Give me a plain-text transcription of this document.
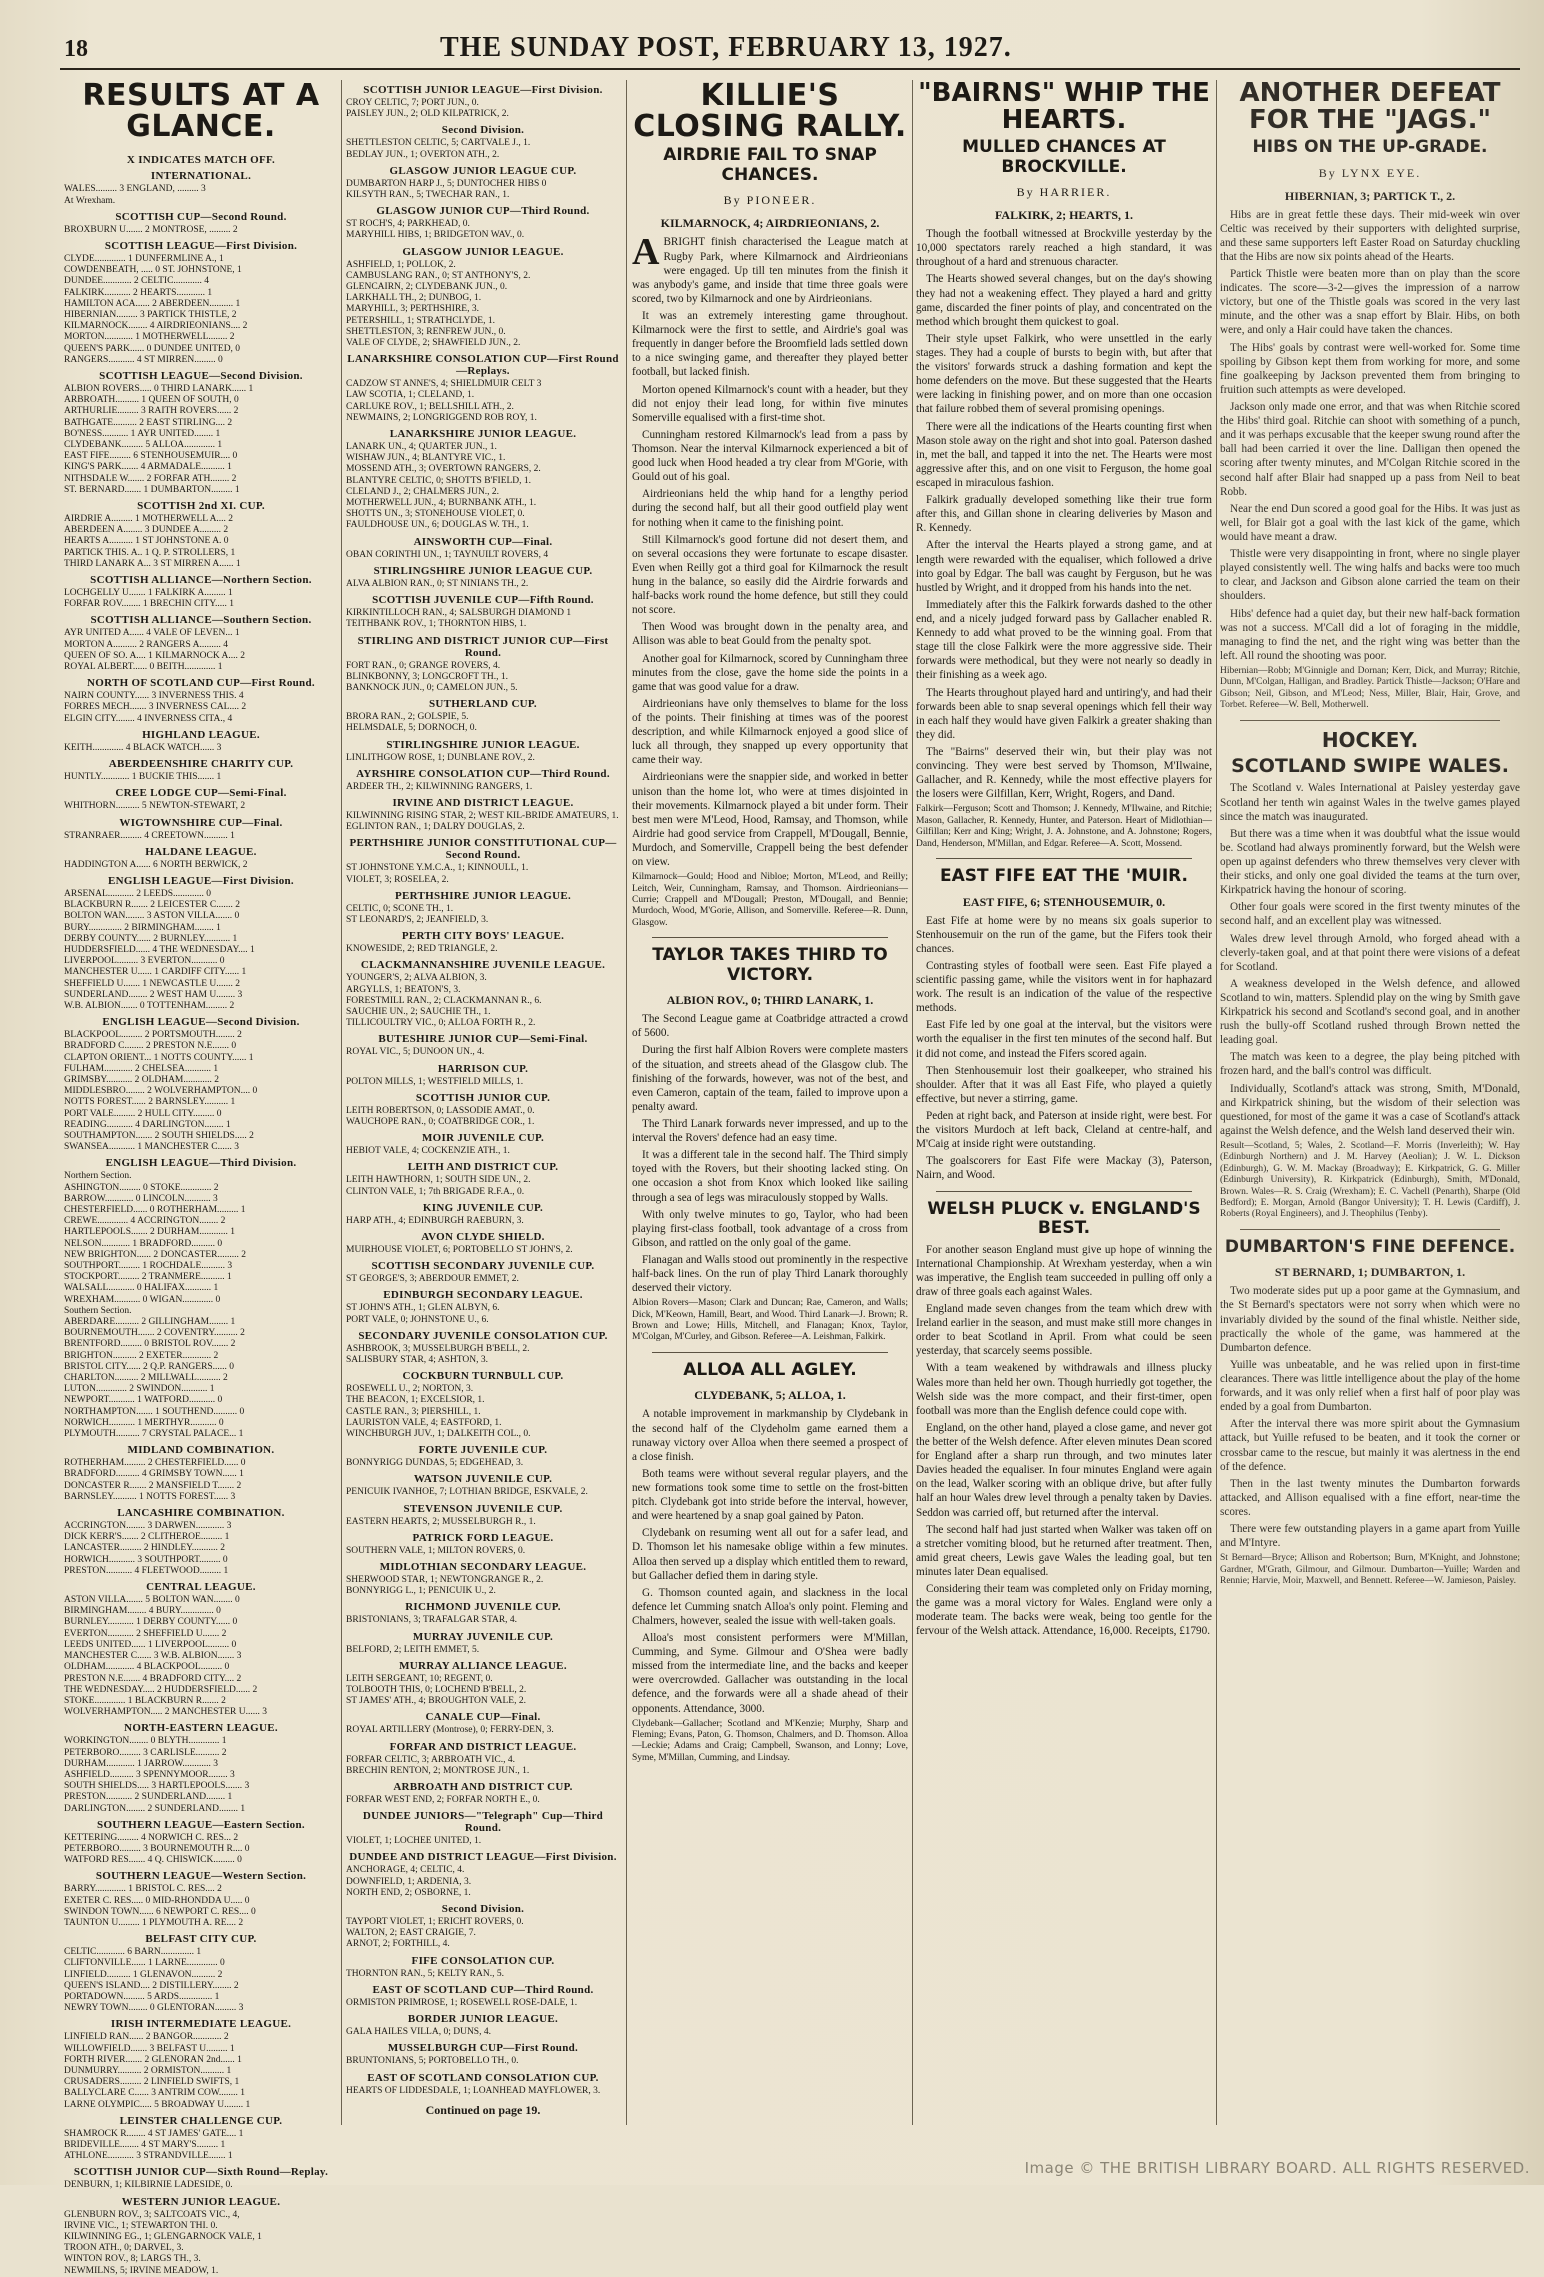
18	THE SUNDAY POST, FEBRUARY 13, 1927.
RESULTS AT A GLANCE.
X INDICATES MATCH OFF.
INTERNATIONAL.
WALES......... 3 ENGLAND, ......... 3
At Wrexham.
SCOTTISH CUP—Second Round.
BROXBURN U....... 2 MONTROSE, ......... 2
SCOTTISH LEAGUE—First Division.
CLYDE............. 1 DUNFERMLINE A., 1
COWDENBEATH, ..... 0 ST. JOHNSTONE, 1
DUNDEE............ 2 CELTIC............ 4
FALKIRK........... 2 HEARTS............ 1
HAMILTON ACA...... 2 ABERDEEN.......... 1
HIBERNIAN......... 3 PARTICK THISTLE, 2
KILMARNOCK........ 4 AIRDRIEONIANS.... 2
MORTON............ 1 MOTHERWELL........ 2
QUEEN'S PARK...... 0 DUNDEE UNITED, 0
RANGERS........... 4 ST MIRREN......... 0
SCOTTISH LEAGUE—Second Division.
ALBION ROVERS..... 0 THIRD LANARK...... 1
ARBROATH.......... 1 QUEEN OF SOUTH, 0
ARTHURLIE......... 3 RAITH ROVERS...... 2
BATHGATE.......... 2 EAST STIRLING.... 2
BO'NESS........... 1 AYR UNITED........ 1
CLYDEBANK......... 5 ALLOA............. 1
EAST FIFE......... 6 STENHOUSEMUIR.... 0
KING'S PARK....... 4 ARMADALE.......... 1
NITHSDALE W....... 2 FORFAR ATH........ 2
ST. BERNARD....... 1 DUMBARTON......... 1
SCOTTISH 2nd XI. CUP.
AIRDRIE A......... 1 MOTHERWELL A.... 2
ABERDEEN A........ 3 DUNDEE A......... 2
HEARTS A.......... 1 ST JOHNSTONE A. 0
PARTICK THIS. A.. 1 Q. P. STROLLERS, 1
THIRD LANARK A... 3 ST MIRREN A...... 1
SCOTTISH ALLIANCE—Northern Section.
LOCHGELLY U....... 1 FALKIRK A......... 1
FORFAR ROV........ 1 BRECHIN CITY..... 1
SCOTTISH ALLIANCE—Southern Section.
AYR UNITED A...... 4 VALE OF LEVEN... 1
MORTON A.......... 2 RANGERS A......... 4
QUEEN OF SO. A.... 1 KILMARNOCK A.... 2
ROYAL ALBERT...... 0 BEITH............. 1
NORTH OF SCOTLAND CUP—First Round.
NAIRN COUNTY...... 3 INVERNESS THIS. 4
FORRES MECH....... 3 INVERNESS CAL.... 2
ELGIN CITY........ 4 INVERNESS CITA., 4
HIGHLAND LEAGUE.
KEITH............. 4 BLACK WATCH...... 3
ABERDEENSHIRE CHARITY CUP.
HUNTLY............ 1 BUCKIE THIS....... 1
CREE LODGE CUP—Semi-Final.
WHITHORN.......... 5 NEWTON-STEWART, 2
WIGTOWNSHIRE CUP—Final.
STRANRAER......... 4 CREETOWN.......... 1
HALDANE LEAGUE.
HADDINGTON A...... 6 NORTH BERWICK, 2
ENGLISH LEAGUE—First Division.
ARSENAL........... 2 LEEDS............. 0
BLACKBURN R....... 2 LEICESTER C....... 2
BOLTON WAN........ 3 ASTON VILLA....... 0
BURY.............. 2 BIRMINGHAM........ 1
DERBY COUNTY...... 2 BURNLEY........... 1
HUDDERSFIELD...... 4 THE WEDNESDAY.... 1
LIVERPOOL......... 3 EVERTON........... 0
MANCHESTER U...... 1 CARDIFF CITY...... 1
SHEFFIELD U....... 1 NEWCASTLE U....... 2
SUNDERLAND........ 2 WEST HAM U........ 3
W.B. ALBION....... 0 TOTTENHAM......... 2
ENGLISH LEAGUE—Second Division.
BLACKPOOL......... 2 PORTSMOUTH........ 2
BRADFORD C........ 2 PRESTON N.E....... 0
CLAPTON ORIENT... 1 NOTTS COUNTY...... 1
FULHAM............ 2 CHELSEA........... 1
GRIMSBY........... 2 OLDHAM............ 2
MIDDLESBRO........ 2 WOLVERHAMPTON.... 0
NOTTS FOREST...... 2 BARNSLEY.......... 1
PORT VALE......... 2 HULL CITY......... 0
READING........... 4 DARLINGTON........ 1
SOUTHAMPTON....... 2 SOUTH SHIELDS..... 2
SWANSEA........... 1 MANCHESTER C...... 3
ENGLISH LEAGUE—Third Division.
Northern Section.
ASHINGTON......... 0 STOKE............. 2
BARROW............ 0 LINCOLN........... 3
CHESTERFIELD...... 0 ROTHERHAM......... 1
CREWE............. 4 ACCRINGTON........ 2
HARTLEPOOLS....... 2 DURHAM............ 1
NELSON............ 1 BRADFORD.......... 0
NEW BRIGHTON...... 2 DONCASTER......... 2
SOUTHPORT......... 1 ROCHDALE.......... 3
STOCKPORT......... 2 TRANMERE.......... 1
WALSALL........... 0 HALIFAX........... 1
WREXHAM........... 0 WIGAN............. 0
Southern Section.
ABERDARE.......... 2 GILLINGHAM........ 1
BOURNEMOUTH....... 2 COVENTRY.......... 2
BRENTFORD......... 0 BRISTOL ROV....... 2
BRIGHTON.......... 2 EXETER............ 2
BRISTOL CITY...... 2 Q.P. RANGERS...... 0
CHARLTON.......... 2 MILLWALL.......... 2
LUTON............. 2 SWINDON........... 1
NEWPORT........... 1 WATFORD........... 0
NORTHAMPTON....... 1 SOUTHEND.......... 0
NORWICH........... 1 MERTHYR........... 0
PLYMOUTH.......... 7 CRYSTAL PALACE... 1
MIDLAND COMBINATION.
ROTHERHAM......... 2 CHESTERFIELD...... 0
BRADFORD.......... 4 GRIMSBY TOWN...... 1
DONCASTER R....... 2 MANSFIELD T....... 2
BARNSLEY.......... 1 NOTTS FOREST...... 3
LANCASHIRE COMBINATION.
ACCRINGTON........ 3 DARWEN............ 3
DICK KERR'S....... 2 CLITHEROE......... 1
LANCASTER......... 2 HINDLEY........... 2
HORWICH........... 3 SOUTHPORT......... 0
PRESTON........... 4 FLEETWOOD......... 1
CENTRAL LEAGUE.
ASTON VILLA....... 5 BOLTON WAN........ 0
BIRMINGHAM........ 4 BURY.............. 0
BURNLEY........... 1 DERBY COUNTY...... 0
EVERTON........... 2 SHEFFIELD U....... 2
LEEDS UNITED...... 1 LIVERPOOL......... 0
MANCHESTER C...... 3 W.B. ALBION....... 3
OLDHAM............ 4 BLACKPOOL......... 0
PRESTON N.E....... 4 BRADFORD CITY.... 2
THE WEDNESDAY..... 2 HUDDERSFIELD...... 2
STOKE............. 1 BLACKBURN R....... 2
WOLVERHAMPTON..... 2 MANCHESTER U...... 3
NORTH-EASTERN LEAGUE.
WORKINGTON........ 0 BLYTH............. 1
PETERBORO......... 3 CARLISLE.......... 2
DURHAM............ 1 JARROW............ 3
ASHFIELD.......... 3 SPENNYMOOR........ 3
SOUTH SHIELDS..... 3 HARTLEPOOLS....... 3
PRESTON........... 2 SUNDERLAND........ 1
DARLINGTON........ 2 SUNDERLAND........ 1
SOUTHERN LEAGUE—Eastern Section.
KETTERING......... 4 NORWICH C. RES... 2
PETERBORO......... 3 BOURNEMOUTH R.... 0
WATFORD RES....... 4 Q. CHISWICK......... 0
SOUTHERN LEAGUE—Western Section.
BARRY............. 1 BRISTOL C. RES.... 2
EXETER C. RES..... 0 MID-RHONDDA U..... 0
SWINDON TOWN...... 6 NEWPORT C. RES.... 0
TAUNTON U......... 1 PLYMOUTH A. RE.... 2
BELFAST CITY CUP.
CELTIC............ 6 BARN.............. 1
CLIFTONVILLE...... 1 LARNE............. 0
LINFIELD.......... 1 GLENAVON.......... 2
QUEEN'S ISLAND.... 2 DISTILLERY........ 2
PORTADOWN......... 5 ARDS.............. 1
NEWRY TOWN........ 0 GLENTORAN......... 3
IRISH INTERMEDIATE LEAGUE.
LINFIELD RAN...... 2 BANGOR............ 2
WILLOWFIELD....... 3 BELFAST U......... 1
FORTH RIVER....... 2 GLENORAN 2nd...... 1
DUNMURRY.......... 2 ORMISTON.......... 1
CRUSADERS......... 2 LINFIELD SWIFTS, 1
BALLYCLARE C...... 3 ANTRIM COW........ 1
LARNE OLYMPIC..... 5 BROADWAY U........ 1
LEINSTER CHALLENGE CUP.
SHAMROCK R........ 4 ST JAMES' GATE.... 1
BRIDEVILLE........ 4 ST MARY'S......... 1
ATHLONE........... 3 STRANDVILLE....... 1
SCOTTISH JUNIOR CUP—Sixth Round—Replay.
DENBURN, 1; KILBIRNIE LADESIDE, 0.
WESTERN JUNIOR LEAGUE.
GLENBURN ROV., 3; SALTCOATS VIC., 4,
IRVINE VIC., 1; STEWARTON THI. 0.
KILWINNING EG., 1; GLENGARNOCK VALE, 1
TROON ATH., 0; DARVEL, 3.
WINTON ROV., 8; LARGS TH., 3.
NEWMILNS, 5; IRVINE MEADOW, 1.
SCOTTISH JUNIOR LEAGUE—First Division.
CROY CELTIC, 7; PORT JUN., 0.
PAISLEY JUN., 2; OLD KILPATRICK, 2.
Second Division.
SHETTLESTON CELTIC, 5; CARTVALE J., 1.
BEDLAY JUN., 1; OVERTON ATH., 2.
GLASGOW JUNIOR LEAGUE CUP.
DUMBARTON HARP J., 5; DUNTOCHER HIBS 0
KILSYTH RAN., 5; TWECHAR RAN., 1.
GLASGOW JUNIOR CUP—Third Round.
ST ROCH'S, 4; PARKHEAD, 0.
MARYHILL HIBS, 1; BRIDGETON WAV., 0.
GLASGOW JUNIOR LEAGUE.
ASHFIELD, 1; POLLOK, 2.
CAMBUSLANG RAN., 0; ST ANTHONY'S, 2.
GLENCAIRN, 2; CLYDEBANK JUN., 0.
LARKHALL TH., 2; DUNBOG, 1.
MARYHILL, 3; PERTHSHIRE, 3.
PETERSHILL, 1; STRATHCLYDE, 1.
SHETTLESTON, 3; RENFREW JUN., 0.
VALE OF CLYDE, 2; SHAWFIELD JUN., 2.
LANARKSHIRE CONSOLATION CUP—First Round—Replays.
CADZOW ST ANNE'S, 4; SHIELDMUIR CELT 3
LAW SCOTIA, 1; CLELAND, 1.
CARLUKE ROV., 1; BELLSHILL ATH., 2.
NEWMAINS, 2; LONGRIGGEND ROB ROY, 1.
LANARKSHIRE JUNIOR LEAGUE.
LANARK UN., 4; QUARTER JUN., 1.
WISHAW JUN., 4; BLANTYRE VIC., 1.
MOSSEND ATH., 3; OVERTOWN RANGERS, 2.
BLANTYRE CELTIC, 0; SHOTTS B'FIELD, 1.
CLELAND J., 2; CHALMERS JUN., 2.
MOTHERWELL JUN., 4; BURNBANK ATH., 1.
SHOTTS UN., 3; STONEHOUSE VIOLET, 0.
FAULDHOUSE UN., 6; DOUGLAS W. TH., 1.
AINSWORTH CUP—Final.
OBAN CORINTHI UN., 1; TAYNUILT ROVERS, 4
STIRLINGSHIRE JUNIOR LEAGUE CUP.
ALVA ALBION RAN., 0; ST NINIANS TH., 2.
SCOTTISH JUVENILE CUP—Fifth Round.
KIRKINTILLOCH RAN., 4; SALSBURGH DIAMOND 1
TEITHBANK ROV., 1; THORNTON HIBS, 1.
STIRLING AND DISTRICT JUNIOR CUP—First Round.
FORT RAN., 0; GRANGE ROVERS, 4.
BLINKBONNY, 3; LONGCROFT TH., 1.
BANKNOCK JUN., 0; CAMELON JUN., 5.
SUTHERLAND CUP.
BRORA RAN., 2; GOLSPIE, 5.
HELMSDALE, 5; DORNOCH, 0.
STIRLINGSHIRE JUNIOR LEAGUE.
LINLITHGOW ROSE, 1; DUNBLANE ROV., 2.
AYRSHIRE CONSOLATION CUP—Third Round.
ARDEER TH., 2; KILWINNING RANGERS, 1.
IRVINE AND DISTRICT LEAGUE.
KILWINNING RISING STAR, 2; WEST KIL-BRIDE AMATEURS, 1.
EGLINTON RAN., 1; DALRY DOUGLAS, 2.
PERTHSHIRE JUNIOR CONSTITUTIONAL CUP—Second Round.
ST JOHNSTONE Y.M.C.A., 1; KINNOULL, 1.
VIOLET, 3; ROSELEA, 2.
PERTHSHIRE JUNIOR LEAGUE.
CELTIC, 0; SCONE TH., 1.
ST LEONARD'S, 2; JEANFIELD, 3.
PERTH CITY BOYS' LEAGUE.
KNOWESIDE, 2; RED TRIANGLE, 2.
CLACKMANNANSHIRE JUVENILE LEAGUE.
YOUNGER'S, 2; ALVA ALBION, 3.
ARGYLLS, 1; BEATON'S, 3.
FORESTMILL RAN., 2; CLACKMANNAN R., 6.
SAUCHIE UN., 2; SAUCHIE TH., 1.
TILLICOULTRY VIC., 0; ALLOA FORTH R., 2.
BUTESHIRE JUNIOR CUP—Semi-Final.
ROYAL VIC., 5; DUNOON UN., 4.
HARRISON CUP.
POLTON MILLS, 1; WESTFIELD MILLS, 1.
SCOTTISH JUNIOR CUP.
LEITH ROBERTSON, 0; LASSODIE AMAT., 0.
WAUCHOPE RAN., 0; COATBRIDGE COR., 1.
MOIR JUVENILE CUP.
HEBIOT VALE, 4; COCKENZIE ATH., 1.
LEITH AND DISTRICT CUP.
LEITH HAWTHORN, 1; SOUTH SIDE UN., 2.
CLINTON VALE, 1; 7th BRIGADE R.F.A., 0.
KING JUVENILE CUP.
HARP ATH., 4; EDINBURGH RAEBURN, 3.
AVON CLYDE SHIELD.
MUIRHOUSE VIOLET, 6; PORTOBELLO ST JOHN'S, 2.
SCOTTISH SECONDARY JUVENILE CUP.
ST GEORGE'S, 3; ABERDOUR EMMET, 2.
EDINBURGH SECONDARY LEAGUE.
ST JOHN'S ATH., 1; GLEN ALBYN, 6.
PORT VALE, 0; JOHNSTONE U., 6.
SECONDARY JUVENILE CONSOLATION CUP.
ASHBROOK, 3; MUSSELBURGH B'BELL, 2.
SALISBURY STAR, 4; ASHTON, 3.
COCKBURN TURNBULL CUP.
ROSEWELL U., 2; NORTON, 3.
THE BEACON, 1; EXCELSIOR, 1.
CASTLE RAN., 3; PIERSHILL, 1.
LAURISTON VALE, 4; EASTFORD, 1.
WINCHBURGH JUV., 1; DALKEITH COL., 0.
FORTE JUVENILE CUP.
BONNYRIGG DUNDAS, 5; EDGEHEAD, 3.
WATSON JUVENILE CUP.
PENICUIK IVANHOE, 7; LOTHIAN BRIDGE, ESKVALE, 2.
STEVENSON JUVENILE CUP.
EASTERN HEARTS, 2; MUSSELBURGH R., 1.
PATRICK FORD LEAGUE.
SOUTHERN VALE, 1; MILTON ROVERS, 0.
MIDLOTHIAN SECONDARY LEAGUE.
SHERWOOD STAR, 1; NEWTONGRANGE R., 2.
BONNYRIGG L., 1; PENICUIK U., 2.
RICHMOND JUVENILE CUP.
BRISTONIANS, 3; TRAFALGAR STAR, 4.
MURRAY JUVENILE CUP.
BELFORD, 2; LEITH EMMET, 5.
MURRAY ALLIANCE LEAGUE.
LEITH SERGEANT, 10; REGENT, 0.
TOLBOOTH THIS, 0; LOCHEND B'BELL, 2.
ST JAMES' ATH., 4; BROUGHTON VALE, 2.
CANALE CUP—Final.
ROYAL ARTILLERY (Montrose), 0; FERRY-DEN, 3.
FORFAR AND DISTRICT LEAGUE.
FORFAR CELTIC, 3; ARBROATH VIC., 4.
BRECHIN RENTON, 2; MONTROSE JUN., 1.
ARBROATH AND DISTRICT CUP.
FORFAR WEST END, 2; FORFAR NORTH E., 0.
DUNDEE JUNIORS—"Telegraph" Cup—Third Round.
VIOLET, 1; LOCHEE UNITED, 1.
DUNDEE AND DISTRICT LEAGUE—First Division.
ANCHORAGE, 4; CELTIC, 4.
DOWNFIELD, 1; ARDENIA, 3.
NORTH END, 2; OSBORNE, 1.
Second Division.
TAYPORT VIOLET, 1; ERICHT ROVERS, 0.
WALTON, 2; EAST CRAIGIE, 7.
ARNOT, 2; FORTHILL, 4.
FIFE CONSOLATION CUP.
THORNTON RAN., 5; KELTY RAN., 5.
EAST OF SCOTLAND CUP—Third Round.
ORMISTON PRIMROSE, 1; ROSEWELL ROSE-DALE, 1.
BORDER JUNIOR LEAGUE.
GALA HAILES VILLA, 0; DUNS, 4.
MUSSELBURGH CUP—First Round.
BRUNTONIANS, 5; PORTOBELLO TH., 0.
EAST OF SCOTLAND CONSOLATION CUP.
HEARTS OF LIDDESDALE, 1; LOANHEAD MAYFLOWER, 3.
Continued on page 19.
KILLIE'S CLOSING RALLY.
AIRDRIE FAIL TO SNAP CHANCES.
By PIONEER.
KILMARNOCK, 4; AIRDRIEONIANS, 2.

ABRIGHT finish characterised the League match at Rugby Park, where Kilmarnock and Airdrieonians were engaged. Up till ten minutes from the finish it was anybody's game, and inside that time three goals were scored, two by Kilmarnock and one by Airdrieonians.

It was an extremely interesting game throughout. Kilmarnock were the first to settle, and Airdrie's goal was frequently in danger before the Broomfield lads settled down to a nice swinging game, and thereafter they played better football, but lacked finish.

Morton opened Kilmarnock's count with a header, but they did not enjoy their lead long, for within five minutes Somerville equalised with a first-time shot.

Cunningham restored Kilmarnock's lead from a pass by Thomson. Near the interval Kilmarnock experienced a bit of good luck when Hood headed a try clear from M'Gorie, with Gould out of his goal.

Airdrieonians held the whip hand for a lengthy period during the second half, but all their good outfield play went for nothing when it came to the finishing point.

Still Kilmarnock's good fortune did not desert them, and on several occasions they were fortunate to escape disaster. Even when Reilly got a third goal for Kilmarnock the result hung in the balance, so easily did the Airdrie forwards and half-backs work round the home defence, but still they could not score.

Then Wood was brought down in the penalty area, and Allison was able to beat Gould from the penalty spot.

Another goal for Kilmarnock, scored by Cunningham three minutes from the close, gave the home side the points in a game that was good value for a draw.

Airdrieonians have only themselves to blame for the loss of the points. Their finishing at times was of the poorest description, and while Kilmarnock enjoyed a good slice of luck all through, they snapped up every opportunity that came their way.

Airdrieonians were the snappier side, and worked in better unison than the home lot, who were at times disjointed in their movements. Kilmarnock played a bit under form. Their best men were M'Leod, Hood, Ramsay, and Thomson, while Airdrie had good service from Crappell, M'Dougall, Bennie, Murdoch, and Somerville, Crappell being the best defender on view.

Kilmarnock—Gould; Hood and Nibloe; Morton, M'Leod, and Reilly; Leitch, Weir, Cunningham, Ramsay, and Thomson. Airdrieonians—Currie; Crappell and M'Dougall; Preston, M'Dougall, and Bennie; Murdoch, Wood, M'Gorie, Allison, and Somerville. Referee—R. Dunn, Glasgow.

TAYLOR TAKES THIRD TO VICTORY.
ALBION ROV., 0; THIRD LANARK, 1.

The Second League game at Coatbridge attracted a crowd of 5600.

During the first half Albion Rovers were complete masters of the situation, and streets ahead of the Glasgow club. The finishing of the forwards, however, was not of the best, and even Cameron, captain of the team, failed to improve upon a penalty award.

The Third Lanark forwards never impressed, and up to the interval the Rovers' defence had an easy time.

It was a different tale in the second half. The Third simply toyed with the Rovers, but their shooting lacked sting. On one occasion a shot from Knox which looked like sailing through a sea of legs was miraculously stopped by Walls.

With only twelve minutes to go, Taylor, who had been playing first-class football, took advantage of a cross from Gibson, and rattled on the only goal of the game.

Flanagan and Walls stood out prominently in the respective half-back lines. On the run of play Third Lanark thoroughly deserved their victory.

Albion Rovers—Mason; Clark and Duncan; Rae, Cameron, and Walls; Dick, M'Keown, Hamill, Beart, and Wood. Third Lanark—J. Brown; R. Brown and Lowe; Hills, Mitchell, and Flanagan; Knox, Taylor, M'Colgan, M'Curley, and Gibson. Referee—A. Leishman, Falkirk.

ALLOA ALL AGLEY.
CLYDEBANK, 5; ALLOA, 1.

A notable improvement in markmanship by Clydebank in the second half of the Clydeholm game earned them a runaway victory over Alloa when there seemed a prospect of a close finish.

Both teams were without several regular players, and the new formations took some time to settle on the frost-bitten pitch. Clydebank got into stride before the interval, however, and were heartened by a snap goal gained by Paton.

Clydebank on resuming went all out for a safer lead, and D. Thomson let his namesake oblige within a few minutes. Alloa then served up a display which entitled them to reward, but Gallacher defied them in daring style.

G. Thomson counted again, and slackness in the local defence let Cumming snatch Alloa's only point. Fleming and Chalmers, however, sealed the issue with well-taken goals.

Alloa's most consistent performers were M'Millan, Cumming, and Syme. Gilmour and O'Shea were badly missed from the intermediate line, and the backs and keeper were overcrowded. Gallacher was outstanding in the local defence, and the forwards were all a shade ahead of their opponents. Attendance, 3000.

Clydebank—Gallacher; Scotland and M'Kenzie; Murphy, Sharp and Fleming; Evans, Paton, G. Thomson, Chalmers, and D. Thomson. Alloa—Leckie; Adams and Craig; Campbell, Swanson, and Lonny; Love, Syme, M'Millan, Cumming, and Lindsay.

"BAIRNS" WHIP THE HEARTS.
MULLED CHANCES AT BROCKVILLE.
By HARRIER.
FALKIRK, 2; HEARTS, 1.

Though the football witnessed at Brockville yesterday by the 10,000 spectators rarely reached a high standard, it was throughout of a hard and strenuous character.

The Hearts showed several changes, but on the day's showing they had not a weakening effect. They played a hard and gritty game, discarded the finer points of play, and concentrated on the method which brought them quickest to goal.

Their style upset Falkirk, who were unsettled in the early stages. They had a couple of bursts to begin with, but after that the visitors' forwards struck a dashing formation and kept the home defenders on the move. But these suggested that the Hearts were lacking in finishing power, and on more than one occasion that failure robbed them of several promising openings.

There were all the indications of the Hearts counting first when Mason stole away on the right and shot into goal. Paterson dashed in, met the ball, and tapped it into the net. The Hearts were most aggressive after this, and on one visit to Ferguson, the home goal escaped in miraculous fashion.

Falkirk gradually developed something like their true form after this, and Gillan shone in clearing deliveries by Mason and R. Kennedy.

After the interval the Hearts played a strong game, and at length were rewarded with the equaliser, which followed a drive into goal by Edgar. The ball was caught by Ferguson, but he was hustled by Wright, and it dropped from his hands into the net.

Immediately after this the Falkirk forwards dashed to the other end, and a nicely judged forward pass by Gallacher enabled R. Kennedy to add what proved to be the winning goal. From that stage till the close Falkirk were the more aggressive side. Their forwards were methodical, but they were not nearly so deadly in their finishing as a week ago.

The Hearts throughout played hard and untiring'y, and had their forwards been able to snap several openings which fell their way in each half they would have given Falkirk a greater shaking than they did.

The "Bairns" deserved their win, but their play was not convincing. They were best served by Thomson, M'Ilwaine, Gallacher, and R. Kennedy, while the most effective players for the losers were Gilfillan, Kerr, Wright, Rogers, and Dand.

Falkirk—Ferguson; Scott and Thomson; J. Kennedy, M'Ilwaine, and Ritchie; Mason, Gallacher, R. Kennedy, Hunter, and Paterson. Heart of Midlothian—Gilfillan; Kerr and King; Wright, J. A. Johnstone, and A. Johnstone; Rogers, Dand, Henderson, M'Millan, and Edgar. Referee—A. Scott, Mossend.

EAST FIFE EAT THE 'MUIR.
EAST FIFE, 6; STENHOUSEMUIR, 0.

East Fife at home were by no means six goals superior to Stenhousemuir on the run of the game, but the Fifers took their chances.

Contrasting styles of football were seen. East Fife played a scientific passing game, while the visitors went in for haphazard work. The result is an indication of the value of the respective methods.

East Fife led by one goal at the interval, but the visitors were worth the equaliser in the first ten minutes of the second half. But it did not come, and instead the Fifers scored again.

Then Stenhousemuir lost their goalkeeper, who strained his shoulder. After that it was all East Fife, who played a quietly effective, but never a stirring, game.

Peden at right back, and Paterson at inside right, were best. For the visitors Murdoch at left back, Cleland at centre-half, and M'Caig at inside right were outstanding.

The goalscorers for East Fife were Mackay (3), Paterson, Nairn, and Wood.

WELSH PLUCK v. ENGLAND'S BEST.

For another season England must give up hope of winning the International Championship. At Wrexham yesterday, when a win was imperative, the English team succeeded in pulling off only a draw of three goals each against Wales.

England made seven changes from the team which drew with Ireland earlier in the season, and must make still more changes in order to beat Scotland in April. From what could be seen yesterday, that scarcely seems possible.

With a team weakened by withdrawals and illness plucky Wales more than held her own. Though hurriedly got together, the Welsh side was the more compact, and their first-timer, open football was more than the English defence could cope with.

England, on the other hand, played a close game, and never got the better of the Welsh defence. After eleven minutes Dean scored for England after a sharp run through, and two minutes later Davies headed the equaliser. In four minutes England were again on the lead, Walker scoring with an oblique drive, but after fully half an hour Wales drew level through a penalty taken by Davies. Seddon was carried off, but returned after the interval.

The second half had just started when Walker was taken off on a stretcher vomiting blood, but he returned after treatment. Then, amid great cheers, Lewis gave Wales the leading goal, but ten minutes later Dean equalised.

Considering their team was completed only on Friday morning, the game was a moral victory for Wales. England were only a moderate team. The backs were weak, being too gentle for the fervour of the Welsh attack. Attendance, 16,000. Receipts, £1790.

ANOTHER DEFEAT FOR THE "JAGS."
HIBS ON THE UP-GRADE.
By LYNX EYE.
HIBERNIAN, 3; PARTICK T., 2.

Hibs are in great fettle these days. Their mid-week win over Celtic was received by their supporters with delighted surprise, and these same supporters left Easter Road on Saturday chuckling that the Hibs are now six points ahead of the Hearts.

Partick Thistle were beaten more than on play than the score indicates. The score—3-2—gives the impression of a narrow victory, but one of the Thistle goals was scored in the very last minute, and the other was a snap effort by Blair. Hibs, on both were, and only a Hair could have taken the chances.

The Hibs' goals by contrast were well-worked for. Some time spoiling by Gibson kept them from working for more, and some fine goalkeeping by Jackson prevented them from bringing to fruition such attempts as were developed.

Jackson only made one error, and that was when Ritchie scored the Hibs' third goal. Ritchie can shoot with something of a punch, and it was perhaps excusable that the keeper swung round after the ball had been carried it over the line. Dalligan then opened the scoring after twenty minutes, and M'Colgan Ritchie scored in the second half after Blair had snapped up a pass from Neil to beat Robb.

Near the end Dun scored a good goal for the Hibs. It was just as well, for Blair got a goal with the last kick of the game, which would have meant a draw.

Thistle were very disappointing in front, where no single player played consistently well. The wing halfs and backs were too much to clear, and Jackson and Gibson alone carried the team on their shoulders.

Hibs' defence had a quiet day, but their new half-back formation was not a success. M'Call did a lot of foraging in the middle, managing to find the net, and the right wing was better than the left. All round the shooting was poor.

Hibernian—Robb; M'Ginnigle and Dornan; Kerr, Dick, and Murray; Ritchie, Dunn, M'Colgan, Halligan, and Bradley. Partick Thistle—Jackson; O'Hare and Gibson; Neil, Gibson, and M'Leod; Ness, Miller, Blair, Hair, Grove, and Torbet. Referee—W. Bell, Motherwell.

HOCKEY.
SCOTLAND SWIPE WALES.

The Scotland v. Wales International at Paisley yesterday gave Scotland her tenth win against Wales in the twelve games played since the match was inaugurated.

But there was a time when it was doubtful what the issue would be. Scotland had always prominently forward, but the Welsh were open up against defenders who threw themselves very clever with their sticks, and only one goal divided the teams at the turn over, Kirkpatrick having the honour of scoring.

Other four goals were scored in the first twenty minutes of the second half, and an excellent play was witnessed.

Wales drew level through Arnold, who forged ahead with a cleverly-taken goal, and at that point there were visions of a defeat for Scotland.

A weakness developed in the Welsh defence, and allowed Scotland to win, matters. Splendid play on the wing by Smith gave Kirkpatrick his second and Scotland's second goal, and in another rush the bully-off Scotland rushed through Brown netted the leading goal.

The match was keen to a degree, the play being pitched with frozen hard, and the ball's control was difficult.

Individually, Scotland's attack was strong, Smith, M'Donald, and Kirkpatrick shining, but the wisdom of their selection was questioned, for most of the game it was a case of Scotland's attack against the Welsh defence, and the Welsh land deserved their win.

Result—Scotland, 5; Wales, 2. Scotland—F. Morris (Inverleith); W. Hay (Edinburgh Northern) and J. M. Harvey (Aeolian); J. W. L. Dickson (Edinburgh), G. W. M. Mackay (Broadway); E. Kirkpatrick, G. G. Miller (Edinburgh University), R. Kirkpatrick (Edinburgh), Smith, M'Donald, Brown. Wales—R. S. Craig (Wrexham); E. C. Vachell (Penarth), Sharpe (Old Bedford); E. Morgan, Arnold (Bangor University); T. H. Lewis (Cardiff), J. Roberts (Royal Engineers), and J. Theophilus (Tenby).

DUMBARTON'S FINE DEFENCE.
ST BERNARD, 1; DUMBARTON, 1.

Two moderate sides put up a poor game at the Gymnasium, and the St Bernard's spectators were not sorry when which were no invariably divided by the sound of the final whistle. Neither side, practically the whole of the game, was hammered at the Dumbarton defence.

Yuille was unbeatable, and he was relied upon in first-time clearances. There was little intelligence about the play of the home forwards, and it was only relief when a first half of poor play was ended by a goal from Dumbarton.

After the interval there was more spirit about the Gymnasium attack, but Yuille refused to be beaten, and it took the corner or crossbar came to the rescue, but mainly it was alertness in the end of the defence.

Then in the last twenty minutes the Dumbarton forwards attacked, and Allison equalised with a fine effort, near-time the scores.

There were few outstanding players in a game apart from Yuille and M'Intyre.

St Bernard—Bryce; Allison and Robertson; Burn, M'Knight, and Johnstone; Gardner, M'Grath, Gilmour, and Gilmour. Dumbarton—Yuille; Warden and Rennie; Harvie, Moir, Maxwell, and Bennett. Referee—W. Jamieson, Paisley.

Image © THE BRITISH LIBRARY BOARD. ALL RIGHTS RESERVED.
